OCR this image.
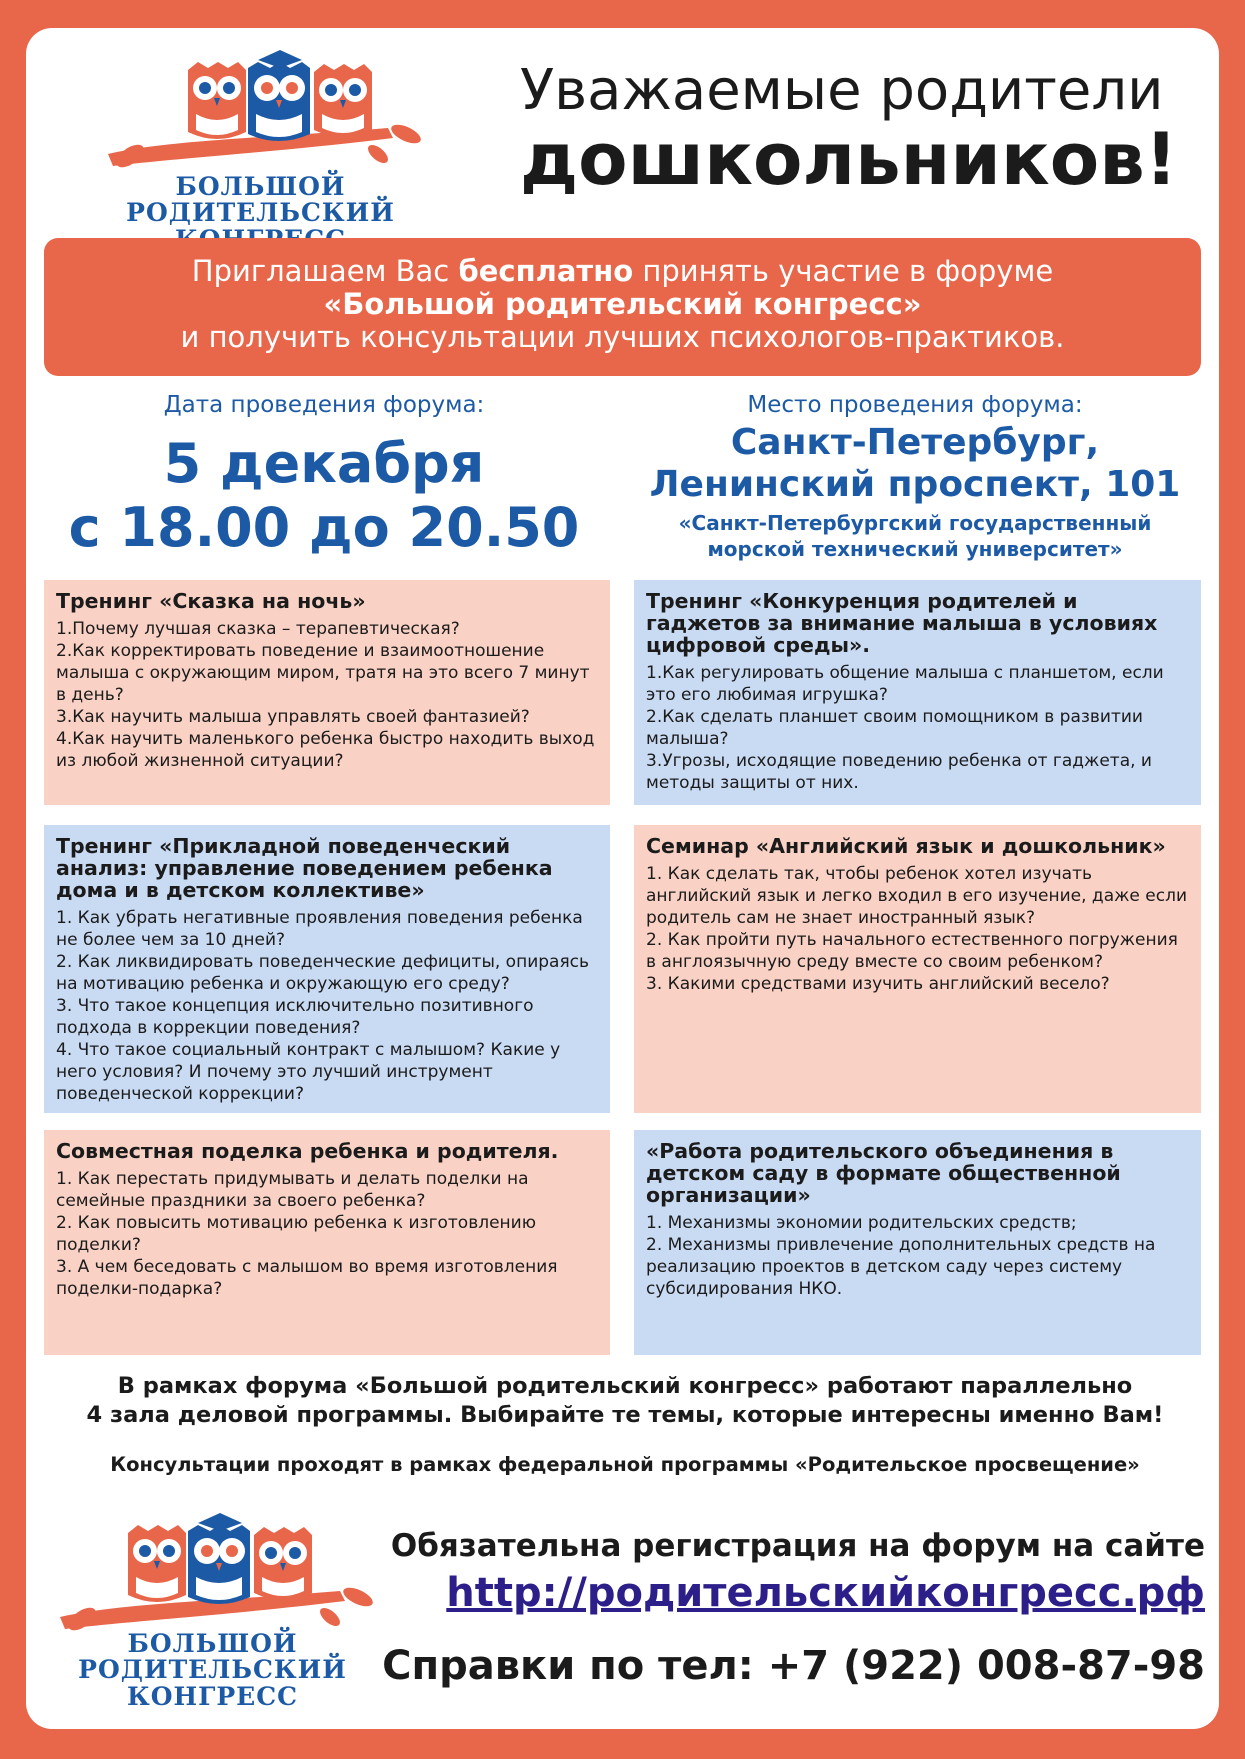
БОЛЬШОЙ
РОДИТЕЛЬСКИЙ
Уважаемые родители
дошкольников!
Приглашаем Вас бесплатно принять участие в форуме
«Большой родительский конгресс»
и получить консультации лучших психологов-практиков.
Дата проведения форума:
5 декабря
с 18.00 до 20.50
Место проведения форума:
Санкт-Петербург,
Ленинский проспект, 101
«Санкт-Петербургский государственный
морской технический университет»
Тренинг «Сказка на ночь»

1.Почему лучшая сказка – терапевтическая?

2.Как корректировать поведение и взаимоотношение малыша с окружающим миром, тратя на это всего 7 минут в день?

3.Как научить малыша управлять своей фантазией?

4.Как научить маленького ребенка быстро находить выход из любой жизненной ситуации?

Тренинг «Конкуренция родителей и гаджетов за внимание малыша в условиях цифровой среды».

1.Как регулировать общение малыша с планшетом, если это его любимая игрушка?

2.Как сделать планшет своим помощником в развитии малыша?

3.Угрозы, исходящие поведению ребенка от гаджета, и методы защиты от них.

Тренинг «Прикладной поведенческий анализ: управление поведением ребенка дома и в детском коллективе»

1. Как убрать негативные проявления поведения ребенка не более чем за 10 дней?

2. Как ликвидировать поведенческие дефициты, опираясь на мотивацию ребенка и окружающую его среду?

3. Что такое концепция исключительно позитивного подхода в коррекции поведения?

4. Что такое социальный контракт с малышом? Какие у него условия? И почему это лучший инструмент поведенческой коррекции?

Семинар «Английский язык и дошкольник»

1. Как сделать так, чтобы ребенок хотел изучать английский язык и легко входил в его изучение, даже если родитель сам не знает иностранный язык?

2. Как пройти путь начального естественного погружения в англоязычную среду вместе со своим ребенком?

3. Какими средствами изучить английский весело?

Совместная поделка ребенка и родителя.

1. Как перестать придумывать и делать поделки на семейные праздники за своего ребенка?

2. Как повысить мотивацию ребенка к изготовлению поделки?

3. А чем беседовать с малышом во время изготовления поделки-подарка?

«Работа родительского объединения в детском саду в формате общественной организации»

1. Механизмы экономии родительских средств;

2. Механизмы привлечение дополнительных средств на реализацию проектов в детском саду через систему субсидирования НКО.

В рамках форума «Большой родительский конгресс» работают параллельно
4 зала деловой программы. Выбирайте те темы, которые интересны именно Вам!
Консультации проходят в рамках федеральной программы «Родительское просвещение»
БОЛЬШОЙ
РОДИТЕЛЬСКИЙ
КОНГРЕСС
Обязательна регистрация на форум на сайте
http://родительскийконгресс.рф
Справки по тел: +7 (922) 008-87-98
